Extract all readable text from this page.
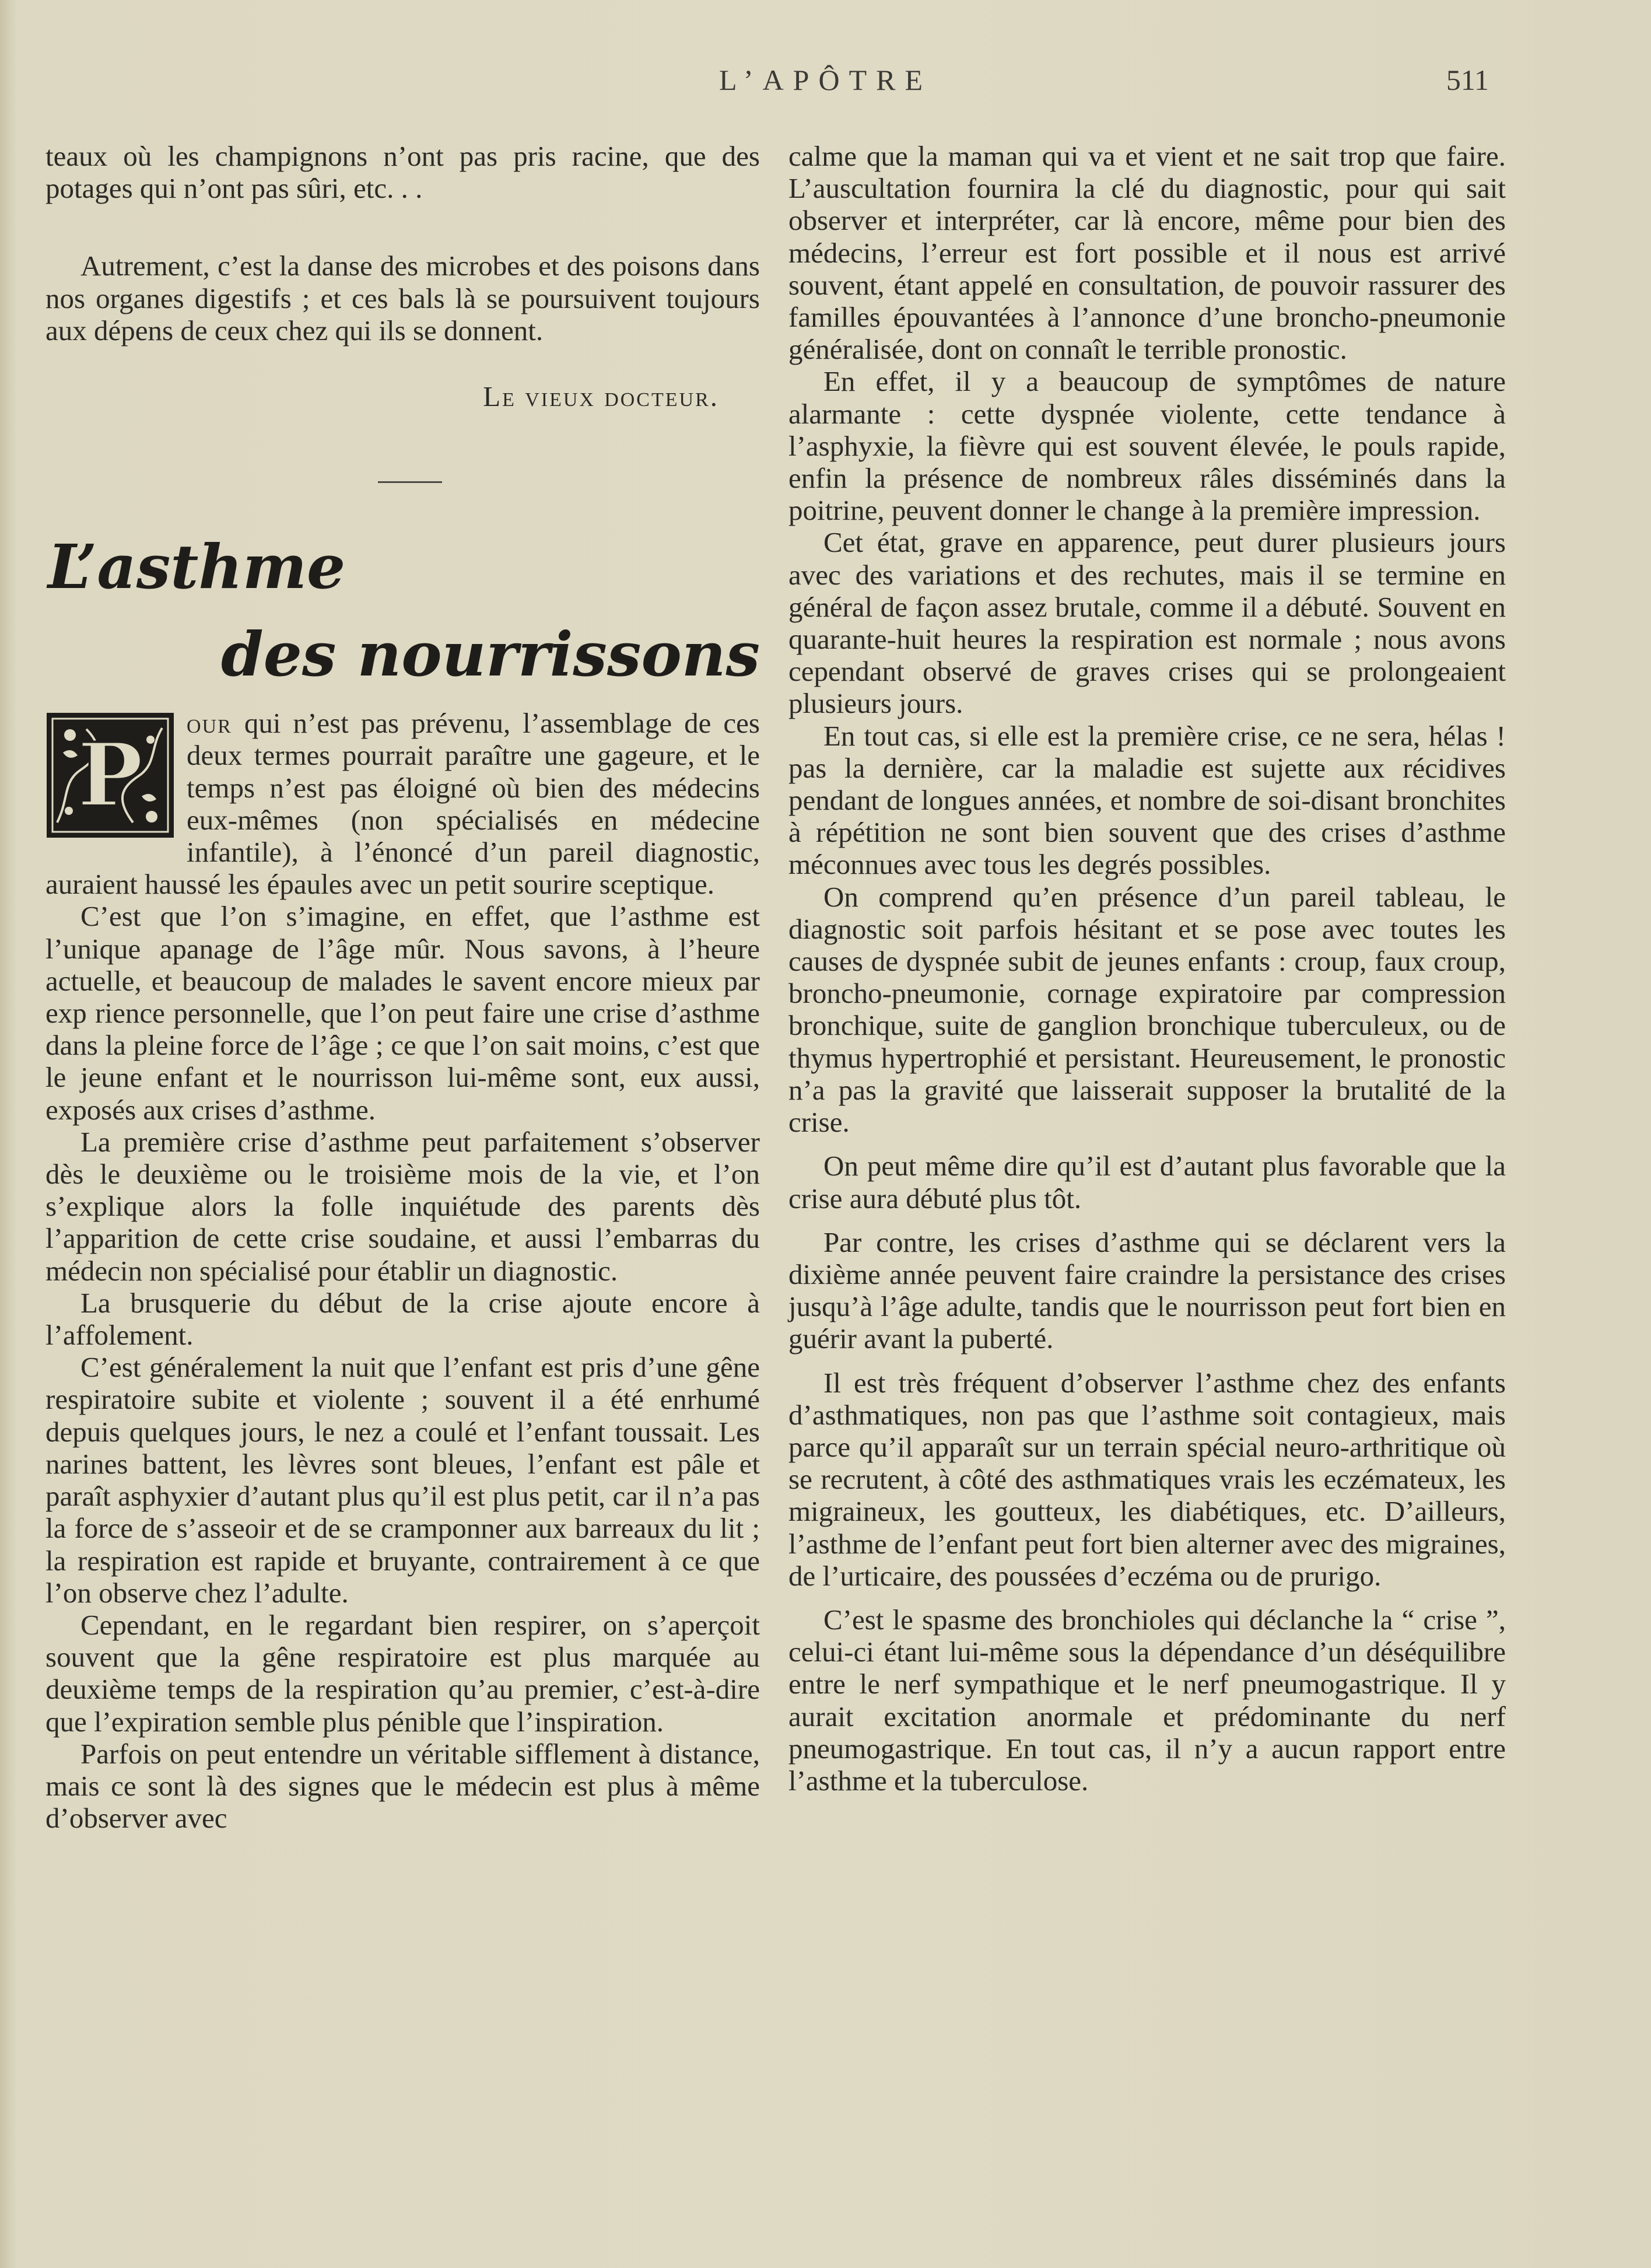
L’APÔTRE	511

teaux où les champignons n’ont pas pris racine, que des potages qui n’ont pas sûri, etc. . .

Autrement, c’est la danse des microbes et des poisons dans nos organes digestifs ; et ces bals là se poursuivent toujours aux dépens de ceux chez qui ils se donnent.

Le vieux docteur.

L’asthme
des nourrissons

P
our qui n’est pas prévenu, l’assemblage de ces deux termes pourrait paraître une gageure, et le temps n’est pas éloigné où bien des médecins eux-mêmes (non spécialisés en médecine infantile), à l’énoncé d’un pareil diagnostic, auraient haussé les épaules avec un petit sourire sceptique.

C’est que l’on s’imagine, en effet, que l’asthme est l’unique apanage de l’âge mûr. Nous savons, à l’heure actuelle, et beaucoup de malades le savent encore mieux par exp rience personnelle, que l’on peut faire une crise d’asthme dans la pleine force de l’âge ; ce que l’on sait moins, c’est que le jeune enfant et le nourrisson lui-même sont, eux aussi, exposés aux crises d’asthme.

La première crise d’asthme peut parfaitement s’observer dès le deuxième ou le troisième mois de la vie, et l’on s’explique alors la folle inquiétude des parents dès l’apparition de cette crise soudaine, et aussi l’embarras du médecin non spécialisé pour établir un diagnostic.

La brusquerie du début de la crise ajoute encore à l’affolement.

C’est généralement la nuit que l’enfant est pris d’une gêne respiratoire subite et violente ; souvent il a été enrhumé depuis quelques jours, le nez a coulé et l’enfant toussait. Les narines battent, les lèvres sont bleues, l’enfant est pâle et paraît asphyxier d’autant plus qu’il est plus petit, car il n’a pas la force de s’asseoir et de se cramponner aux barreaux du lit ; la respiration est rapide et bruyante, contrairement à ce que l’on observe chez l’adulte.

Cependant, en le regardant bien respirer, on s’aperçoit souvent que la gêne respiratoire est plus marquée au deuxième temps de la respiration qu’au premier, c’est-à-dire que l’expiration semble plus pénible que l’inspiration.

Parfois on peut entendre un véritable sifflement à distance, mais ce sont là des signes que le médecin est plus à même d’observer avec

calme que la maman qui va et vient et ne sait trop que faire. L’auscultation fournira la clé du diagnostic, pour qui sait observer et interpréter, car là encore, même pour bien des médecins, l’erreur est fort possible et il nous est arrivé souvent, étant appelé en consultation, de pouvoir rassurer des familles épouvantées à l’annonce d’une broncho-pneumonie généralisée, dont on connaît le terrible pronostic.

En effet, il y a beaucoup de symptômes de nature alarmante : cette dyspnée violente, cette tendance à l’asphyxie, la fièvre qui est souvent élevée, le pouls rapide, enfin la présence de nombreux râles disséminés dans la poitrine, peuvent donner le change à la première impression.

Cet état, grave en apparence, peut durer plusieurs jours avec des variations et des rechutes, mais il se termine en général de façon assez brutale, comme il a débuté. Souvent en quarante-huit heures la respiration est normale ; nous avons cependant observé de graves crises qui se prolongeaient plusieurs jours.

En tout cas, si elle est la première crise, ce ne sera, hélas ! pas la dernière, car la maladie est sujette aux récidives pendant de longues années, et nombre de soi-disant bronchites à répétition ne sont bien souvent que des crises d’asthme méconnues avec tous les degrés possibles.

On comprend qu’en présence d’un pareil tableau, le diagnostic soit parfois hésitant et se pose avec toutes les causes de dyspnée subit de jeunes enfants : croup, faux croup, broncho-pneumonie, cornage expiratoire par compression bronchique, suite de ganglion bronchique tuberculeux, ou de thymus hypertrophié et persistant. Heureusement, le pronostic n’a pas la gravité que laisserait supposer la brutalité de la crise.

On peut même dire qu’il est d’autant plus favorable que la crise aura débuté plus tôt.

Par contre, les crises d’asthme qui se déclarent vers la dixième année peuvent faire craindre la persistance des crises jusqu’à l’âge adulte, tandis que le nourrisson peut fort bien en guérir avant la puberté.

Il est très fréquent d’observer l’asthme chez des enfants d’asthmatiques, non pas que l’asthme soit contagieux, mais parce qu’il apparaît sur un terrain spécial neuro-arthritique où se recrutent, à côté des asthmatiques vrais les eczémateux, les migraineux, les goutteux, les diabétiques, etc. D’ailleurs, l’asthme de l’enfant peut fort bien alterner avec des migraines, de l’urticaire, des poussées d’eczéma ou de prurigo.

C’est le spasme des bronchioles qui déclanche la “ crise ”, celui-ci étant lui-même sous la dépendance d’un déséquilibre entre le nerf sympathique et le nerf pneumogastrique. Il y aurait excitation anormale et prédominante du nerf pneumogastrique. En tout cas, il n’y a aucun rapport entre l’asthme et la tuberculose.
